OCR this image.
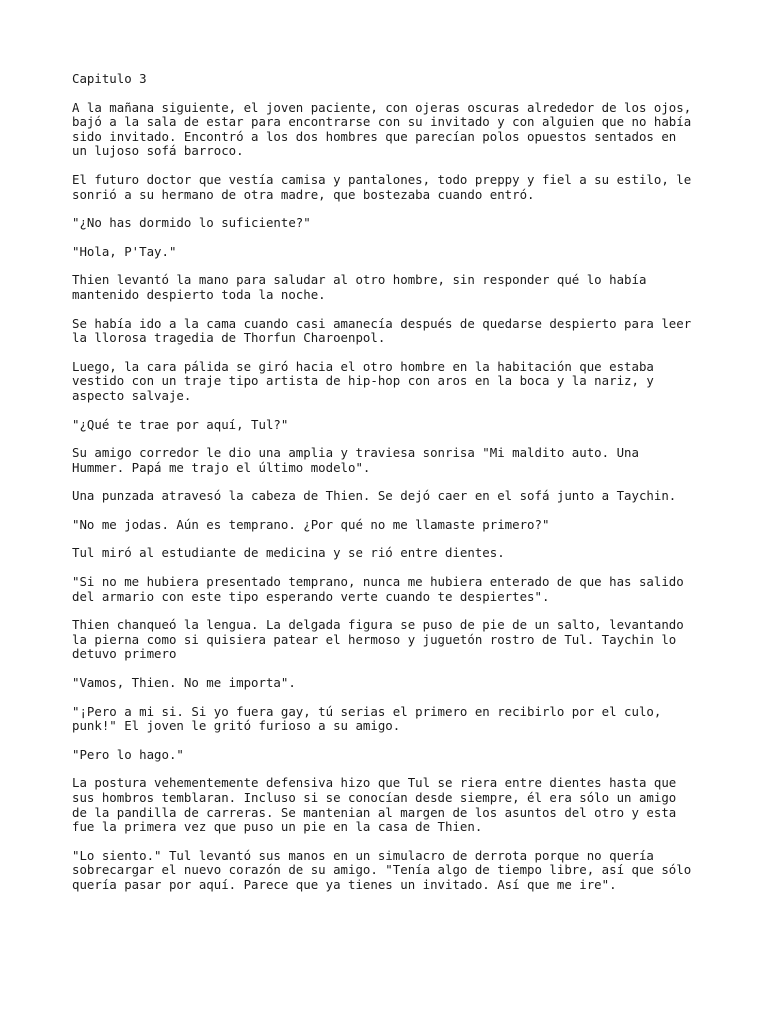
Capitulo 3
A la mañana siguiente, el joven paciente, con ojeras oscuras alrededor de los ojos,
bajó a la sala de estar para encontrarse con su invitado y con alguien que no había
sido invitado. Encontró a los dos hombres que parecían polos opuestos sentados en
un lujoso sofá barroco.
El futuro doctor que vestía camisa y pantalones, todo preppy y fiel a su estilo, le
sonrió a su hermano de otra madre, que bostezaba cuando entró.
"¿No has dormido lo suficiente?"
"Hola, P'Tay."
Thien levantó la mano para saludar al otro hombre, sin responder qué lo había
mantenido despierto toda la noche.
Se había ido a la cama cuando casi amanecía después de quedarse despierto para leer
la llorosa tragedia de Thorfun Charoenpol.
Luego, la cara pálida se giró hacia el otro hombre en la habitación que estaba
vestido con un traje tipo artista de hip-hop con aros en la boca y la nariz, y
aspecto salvaje.
"¿Qué te trae por aquí, Tul?"
Su amigo corredor le dio una amplia y traviesa sonrisa "Mi maldito auto. Una
Hummer. Papá me trajo el último modelo".
Una punzada atravesó la cabeza de Thien. Se dejó caer en el sofá junto a Taychin.
"No me jodas. Aún es temprano. ¿Por qué no me llamaste primero?"
Tul miró al estudiante de medicina y se rió entre dientes.
"Si no me hubiera presentado temprano, nunca me hubiera enterado de que has salido
del armario con este tipo esperando verte cuando te despiertes".
Thien chanqueó la lengua. La delgada figura se puso de pie de un salto, levantando
la pierna como si quisiera patear el hermoso y juguetón rostro de Tul. Taychin lo
detuvo primero
"Vamos, Thien. No me importa".
"¡Pero a mi si. Si yo fuera gay, tú serias el primero en recibirlo por el culo,
punk!" El joven le gritó furioso a su amigo.
"Pero lo hago."
La postura vehementemente defensiva hizo que Tul se riera entre dientes hasta que
sus hombros temblaran. Incluso si se conocían desde siempre, él era sólo un amigo
de la pandilla de carreras. Se mantenian al margen de los asuntos del otro y esta
fue la primera vez que puso un pie en la casa de Thien.
"Lo siento." Tul levantó sus manos en un simulacro de derrota porque no quería
sobrecargar el nuevo corazón de su amigo. "Tenía algo de tiempo libre, así que sólo
quería pasar por aquí. Parece que ya tienes un invitado. Así que me ire".
